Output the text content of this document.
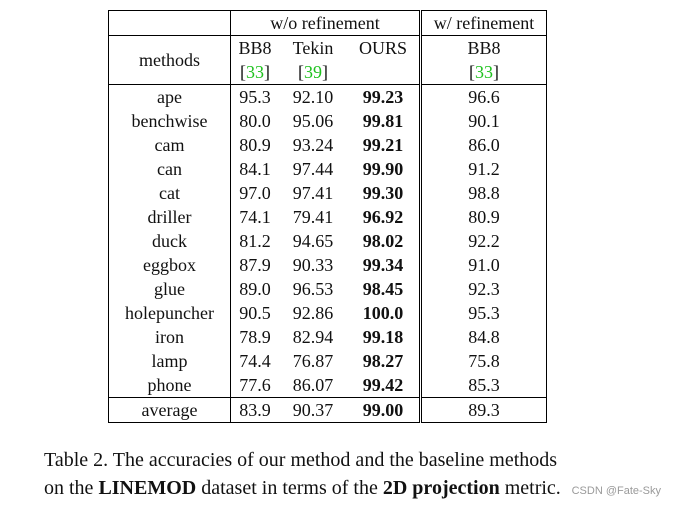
	w/o refinement			w/ refinement
methods	BB8	Tekin	OURS	BB8
	[33]	[39]		[33]
ape	95.3	92.10	99.23	96.6
benchwise	80.0	95.06	99.81	90.1
cam	80.9	93.24	99.21	86.0
can	84.1	97.44	99.90	91.2
cat	97.0	97.41	99.30	98.8
driller	74.1	79.41	96.92	80.9
duck	81.2	94.65	98.02	92.2
eggbox	87.9	90.33	99.34	91.0
glue	89.0	96.53	98.45	92.3
holepuncher	90.5	92.86	100.0	95.3
iron	78.9	82.94	99.18	84.8
lamp	74.4	76.87	98.27	75.8
phone	77.6	86.07	99.42	85.3
average	83.9	90.37	99.00	89.3

Table 2. The accuracies of our method and the baseline methods

on the LINEMOD dataset in terms of the 2D projection metric. CSDN @Fate-Sky
